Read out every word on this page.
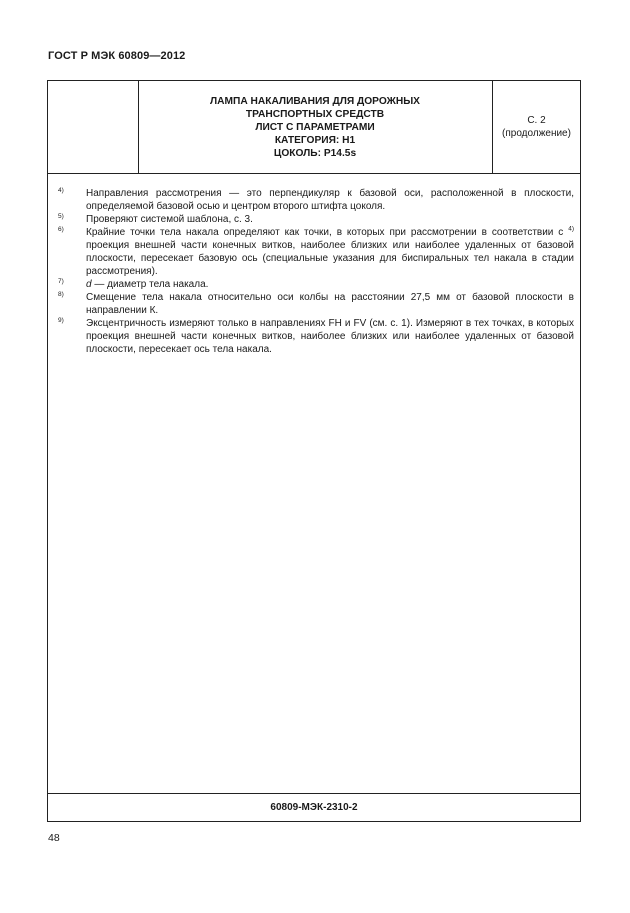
ГОСТ Р МЭК 60809—2012
ЛАМПА НАКАЛИВАНИЯ ДЛЯ ДОРОЖНЫХ
ТРАНСПОРТНЫХ СРЕДСТВ
ЛИСТ С ПАРАМЕТРАМИ
КАТЕГОРИЯ: H1
ЦОКОЛЬ: P14.5s
С. 2
(продолжение)

4) Направления рассмотрения — это перпендикуляр к базовой оси, расположенной в плоскости, определяемой базовой осью и центром второго штифта цоколя.

5) Проверяют системой шаблона, с. 3.

6) Крайние точки тела накала определяют как точки, в которых при рассмотрении в соответствии с $^{4)}$ проекция внешней части конечных витков, наиболее близких или наиболее удаленных от базовой плоскости, пересекает базовую ось (специальные указания для биспиральных тел накала в стадии рассмотрения).

7) d — диаметр тела накала.

8) Смещение тела накала относительно оси колбы на расстоянии 27,5 мм от базовой плоскости в направлении К.

9) Эксцентричность измеряют только в направлениях FH и FV (см. с. 1). Измеряют в тех точках, в которых проекция внешней части конечных витков, наиболее близких или наиболее удаленных от базовой плоскости, пересекает ось тела накала.

60809-МЭК-2310-2
48
